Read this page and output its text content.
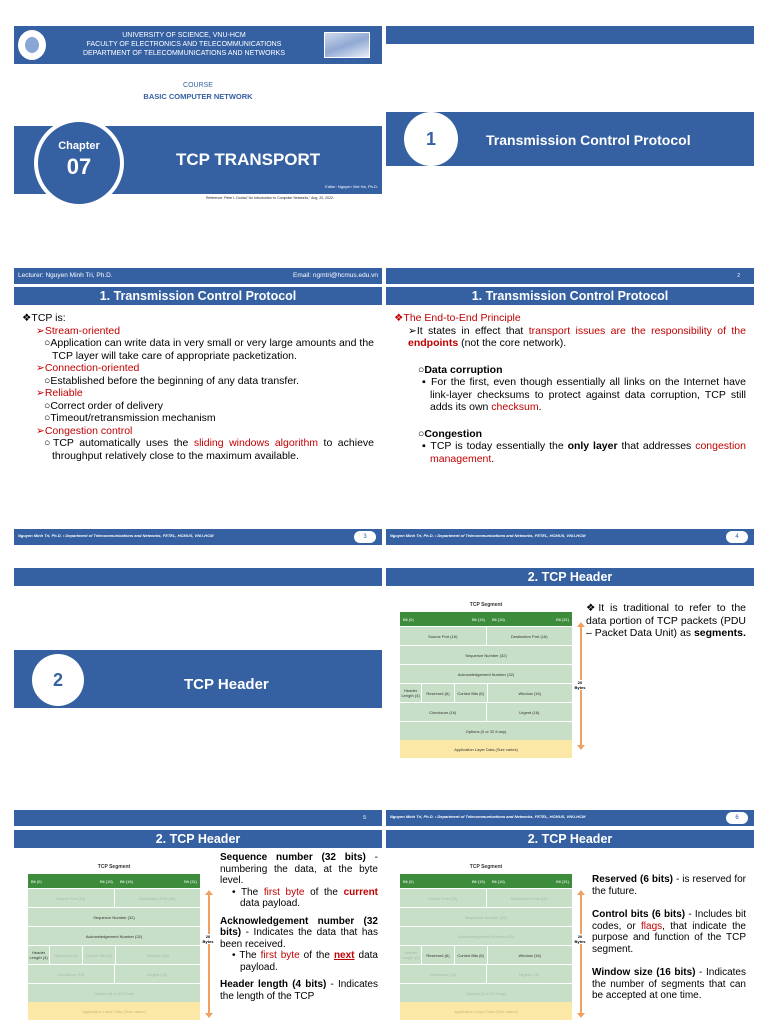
UNIVERSITY OF SCIENCE, VNU-HCM
FACULTY OF ELECTRONICS AND TELECOMMUNICATIONS
DEPARTMENT OF TELECOMMUNICATIONS AND NETWORKS
COURSE
BASIC COMPUTER NETWORK
Chapter
07	TCP TRANSPORT
Editor: Nguyen Viet Ha, Ph.D.
Reference: Peter L Dordal,"An Introduction to Computer Networks," Aug. 20, 2022.
Lecturer: Nguyen Minh Tri, Ph.D.	Email: ngmtri@hcmus.edu.vn
1	Transmission Control Protocol
2
1. Transmission Control Protocol
❖TCP is:
➢Stream-oriented
○Application can write data in very small or very large amounts and the TCP layer will take care of appropriate packetization.
➢Connection-oriented
○Established before the beginning of any data transfer.
➢Reliable
○Correct order of delivery
○Timeout/retransmission mechanism
➢Congestion control
○TCP automatically uses the sliding windows algorithm to achieve throughput relatively close to the maximum available.
Nguyen Minh Tri, Ph.D. • Department of Telecommunications and Networks, FETEL, HCMUS, VNU-HCM	3
1. Transmission Control Protocol
❖The End-to-End Principle
➢It states in effect that transport issues are the responsibility of the endpoints (not the core network).
○Data corruption
▪ For the first, even though essentially all links on the Internet have link-layer checksums to protect against data corruption, TCP still adds its own checksum.
○Congestion
▪ TCP is today essentially the only layer that addresses congestion management.
Nguyen Minh Tri, Ph.D. • Department of Telecommunications and Networks, FETEL, HCMUS, VNU-HCM	4
2	TCP Header
5
2. TCP Header
TCP Segment
Bit (0)	Bit (15) Bit (16)	Bit (31)
Source Port (16)	Destination Port (16)
Sequence Number (32)
Acknowledgement Number (32)
Header Length (4)	Reserved (6)	Control Bits (6)	Window (16)
Checksum (16)	Urgent (16)
Options (0 or 32 if any)
Application Layer Data (Size varies)
20 Bytes
❖It is traditional to refer to the data portion of TCP packets (PDU – Packet Data Unit) as segments.
Nguyen Minh Tri, Ph.D. • Department of Telecommunications and Networks, FETEL, HCMUS, VNU-HCM	6
2. TCP Header
TCP Segment
Bit (0)	Bit (15) Bit (16)	Bit (31)
Source Port (16)	Destination Port (16)
Sequence Number (32)
Acknowledgement Number (32)
Header Length (4)	Reserved (6)	Control Bits (6)	Window (16)
Checksum (16)	Urgent (16)
Options (0 or 32 if any)
Application Layer Data (Size varies)
20 Bytes
Sequence number (32 bits) - numbering the data, at the byte level.
• The first byte of the current data payload.
Acknowledgement number (32 bits) - Indicates the data that has been received.
• The first byte of the next data payload.
Header length (4 bits) - Indicates the length of the TCP
2. TCP Header
TCP Segment
Bit (0)	Bit (15) Bit (16)	Bit (31)
Source Port (16)	Destination Port (16)
Sequence Number (32)
Acknowledgement Number (32)
Header Length (4)	Reserved (6)	Control Bits (6)	Window (16)
Checksum (16)	Urgent (16)
Options (0 or 32 if any)
Application Layer Data (Size varies)
20 Bytes
Reserved (6 bits) - is reserved for the future.
Control bits (6 bits) - Includes bit codes, or flags, that indicate the purpose and function of the TCP segment.
Window size (16 bits) - Indicates the number of segments that can be accepted at one time.
